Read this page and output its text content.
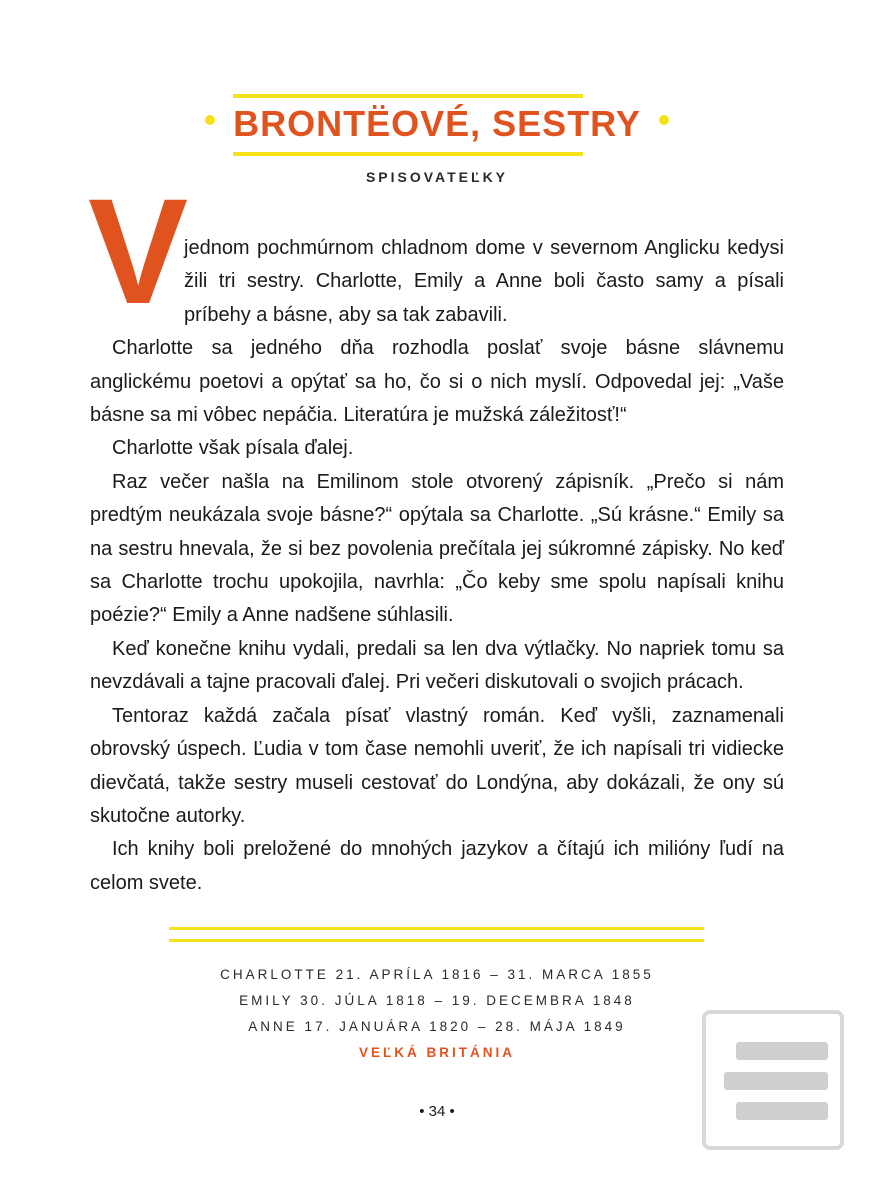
BRONTËOVÉ, SESTRY
SPISOVATEĽKY
V

jednom pochmúrnom chladnom dome v severnom Anglicku kedysi žili tri sestry. Charlotte, Emily a Anne boli často samy a písali príbehy a básne, aby sa tak zabavili.

Charlotte sa jedného dňa rozhodla poslať svoje básne slávnemu anglickému poetovi a opýtať sa ho, čo si o nich myslí. Odpovedal jej: „Vaše básne sa mi vôbec nepáčia. Literatúra je mužská záležitosť!“

Charlotte však písala ďalej.

Raz večer našla na Emilinom stole otvorený zápisník. „Prečo si nám predtým neukázala svoje básne?“ opýtala sa Charlotte. „Sú krásne.“ Emily sa na sestru hnevala, že si bez povolenia prečítala jej súkromné zápisky. No keď sa Charlotte trochu upokojila, navrhla: „Čo keby sme spolu napísali knihu poézie?“ Emily a Anne nadšene súhlasili.

Keď konečne knihu vydali, predali sa len dva výtlačky. No napriek tomu sa nevzdávali a tajne pracovali ďalej. Pri večeri diskutovali o svojich prácach.

Tentoraz každá začala písať vlastný román. Keď vyšli, zaznamenali obrovský úspech. Ľudia v tom čase nemohli uveriť, že ich napísali tri vidiecke dievčatá, takže sestry museli cestovať do Londýna, aby dokázali, že ony sú skutočne autorky.

Ich knihy boli preložené do mnohých jazykov a čítajú ich milióny ľudí na celom svete.

CHARLOTTE 21. APRÍLA 1816 – 31. MARCA 1855
EMILY 30. JÚLA 1818 – 19. DECEMBRA 1848
ANNE 17. JANUÁRA 1820 – 28. MÁJA 1849
VEĽKÁ BRITÁNIA
• 34 •
